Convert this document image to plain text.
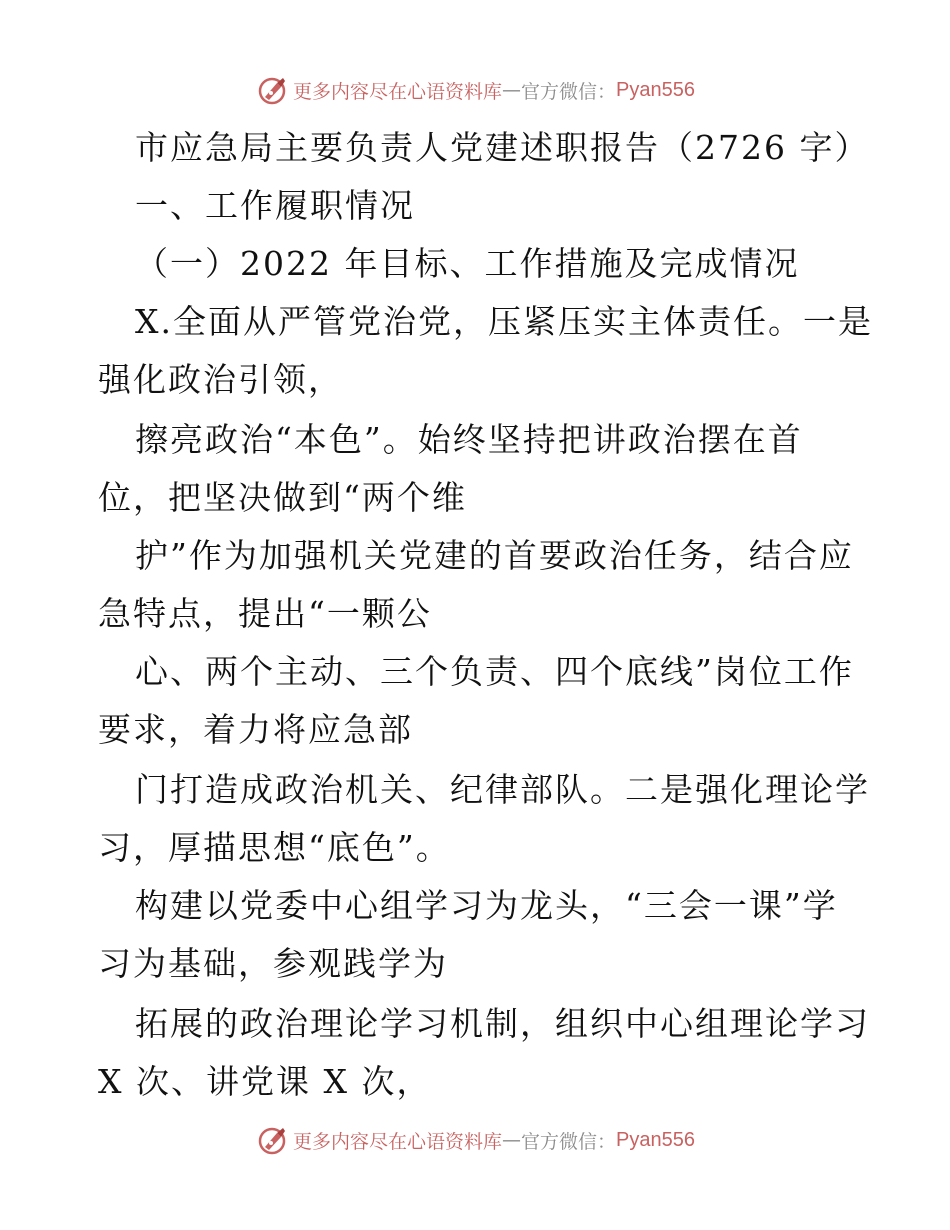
更多内容尽在心语资料库 — 官方微信： Pyan556
市应急局主要负责人党建述职报告（2726 字）
一、工作履职情况
（一）2022 年目标、工作措施及完成情况
X.全面从严管党治党，压紧压实主体责任。一是
强化政治引领，
擦亮政治“本色”。始终坚持把讲政治摆在首
位，把坚决做到“两个维
护”作为加强机关党建的首要政治任务，结合应
急特点，提出“一颗公
心、两个主动、三个负责、四个底线”岗位工作
要求，着力将应急部
门打造成政治机关、纪律部队。二是强化理论学
习，厚描思想“底色”。
构建以党委中心组学习为龙头，“三会一课”学
习为基础，参观践学为
拓展的政治理论学习机制，组织中心组理论学习
X 次、讲党课 X 次，
更多内容尽在心语资料库 — 官方微信： Pyan556
